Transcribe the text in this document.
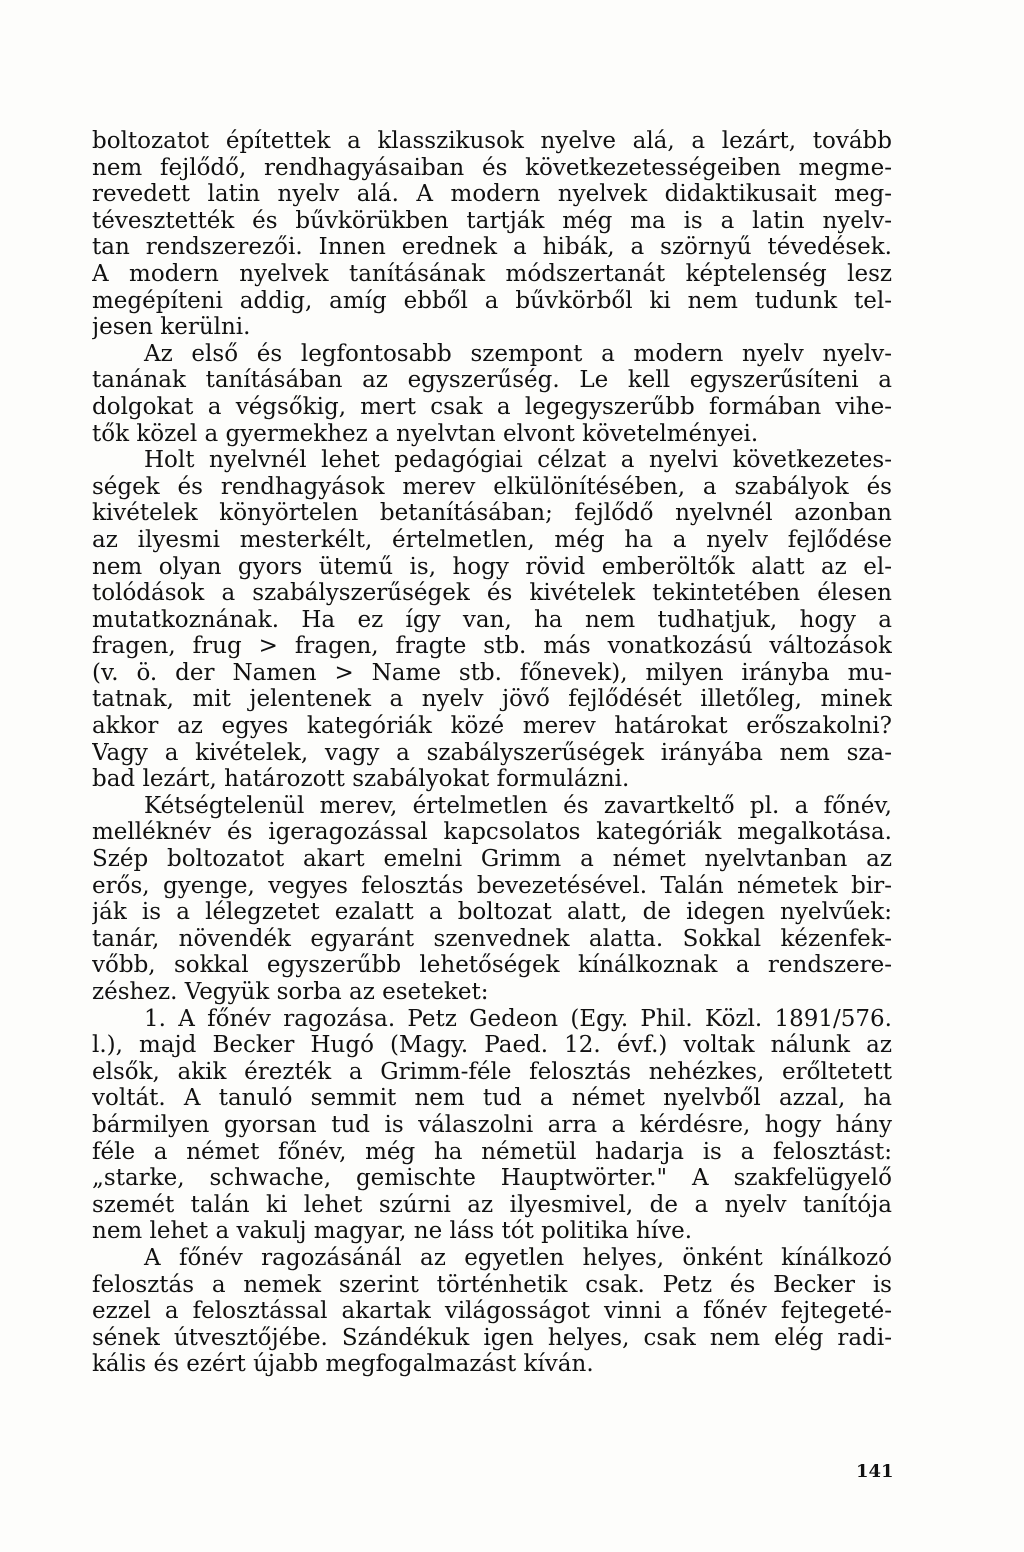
boltozatot építettek a klasszikusok nyelve alá, a lezárt, tovább
nem fejlődő, rendhagyásaiban és következetességeiben megme-
revedett latin nyelv alá. A modern nyelvek didaktikusait meg-
tévesztették és bűvkörükben tartják még ma is a latin nyelv-
tan rendszerezői. Innen erednek a hibák, a szörnyű tévedések.
A modern nyelvek tanításának módszertanát képtelenség lesz
megépíteni addig, amíg ebből a bűvkörből ki nem tudunk tel-
jesen kerülni.
Az első és legfontosabb szempont a modern nyelv nyelv-
tanának tanításában az egyszerűség. Le kell egyszerűsíteni a
dolgokat a végsőkig, mert csak a legegyszerűbb formában vihe-
tők közel a gyermekhez a nyelvtan elvont követelményei.
Holt nyelvnél lehet pedagógiai célzat a nyelvi következetes-
ségek és rendhagyások merev elkülönítésében, a szabályok és
kivételek könyörtelen betanításában; fejlődő nyelvnél azonban
az ilyesmi mesterkélt, értelmetlen, még ha a nyelv fejlődése
nem olyan gyors ütemű is, hogy rövid emberöltők alatt az el-
tolódások a szabályszerűségek és kivételek tekintetében élesen
mutatkoznának. Ha ez így van, ha nem tudhatjuk, hogy a
fragen, frug > fragen, fragte stb. más vonatkozású változások
(v. ö. der Namen > Name stb. főnevek), milyen irányba mu-
tatnak, mit jelentenek a nyelv jövő fejlődését illetőleg, minek
akkor az egyes kategóriák közé merev határokat erőszakolni?
Vagy a kivételek, vagy a szabályszerűségek irányába nem sza-
bad lezárt, határozott szabályokat formulázni.
Kétségtelenül merev, értelmetlen és zavartkeltő pl. a főnév,
melléknév és igeragozással kapcsolatos kategóriák megalkotása.
Szép boltozatot akart emelni Grimm a német nyelvtanban az
erős, gyenge, vegyes felosztás bevezetésével. Talán németek bir-
ják is a lélegzetet ezalatt a boltozat alatt, de idegen nyelvűek:
tanár, növendék egyaránt szenvednek alatta. Sokkal kézenfek-
vőbb, sokkal egyszerűbb lehetőségek kínálkoznak a rendszere-
zéshez. Vegyük sorba az eseteket:
1. A főnév ragozása. Petz Gedeon (Egy. Phil. Közl. 1891/576.
l.), majd Becker Hugó (Magy. Paed. 12. évf.) voltak nálunk az
elsők, akik érezték a Grimm-féle felosztás nehézkes, erőltetett
voltát. A tanuló semmit nem tud a német nyelvből azzal, ha
bármilyen gyorsan tud is válaszolni arra a kérdésre, hogy hány
féle a német főnév, még ha németül hadarja is a felosztást:
„starke, schwache, gemischte Hauptwörter." A szakfelügyelő
szemét talán ki lehet szúrni az ilyesmivel, de a nyelv tanítója
nem lehet a vakulj magyar, ne láss tót politika híve.
A főnév ragozásánál az egyetlen helyes, önként kínálkozó
felosztás a nemek szerint történhetik csak. Petz és Becker is
ezzel a felosztással akartak világosságot vinni a főnév fejtegeté-
sének útvesztőjébe. Szándékuk igen helyes, csak nem elég radi-
kális és ezért újabb megfogalmazást kíván.
141
